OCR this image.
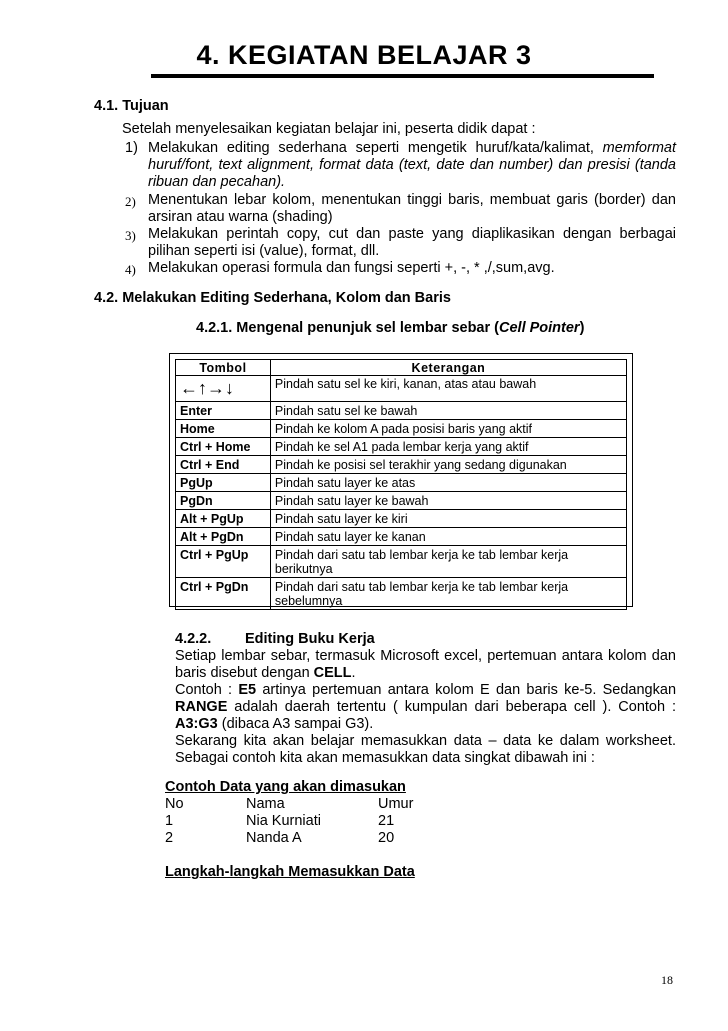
4. KEGIATAN BELAJAR 3
4.1. Tujuan
Setelah menyelesaikan kegiatan belajar ini, peserta didik dapat :
1) Melakukan editing sederhana seperti mengetik huruf/kata/kalimat, memformat
huruf/font, text alignment, format data (text, date dan number) dan presisi (tanda
ribuan dan pecahan).
2) Menentukan lebar kolom, menentukan tinggi baris, membuat garis (border) dan
arsiran atau warna (shading)
3) Melakukan perintah copy, cut dan paste yang diaplikasikan dengan berbagai
pilihan seperti isi (value), format, dll.
4) Melakukan operasi formula dan fungsi seperti +, -, * ,/,sum,avg.
4.2. Melakukan Editing Sederhana, Kolom dan Baris
4.2.1. Mengenal penunjuk sel lembar sebar (Cell Pointer)
Tombol	Keterangan
←↑→↓	Pindah satu sel ke kiri, kanan, atas atau bawah
Enter	Pindah satu sel ke bawah
Home	Pindah ke kolom A pada posisi baris yang aktif
Ctrl + Home	Pindah ke sel A1 pada lembar kerja yang aktif
Ctrl + End	Pindah ke posisi sel terakhir yang sedang digunakan
PgUp	Pindah satu layer ke atas
PgDn	Pindah satu layer ke bawah
Alt + PgUp	Pindah satu layer ke kiri
Alt + PgDn	Pindah satu layer ke kanan
Ctrl + PgUp	Pindah dari satu tab lembar kerja ke tab lembar kerja
berikutnya

Ctrl + PgDn	Pindah dari satu tab lembar kerja ke tab lembar kerja
sebelumnya
4.2.2. Editing Buku Kerja
Setiap lembar sebar, termasuk Microsoft excel, pertemuan antara kolom dan
baris disebut dengan CELL.
Contoh : E5 artinya pertemuan antara kolom E dan baris ke-5. Sedangkan
RANGE adalah daerah tertentu ( kumpulan dari beberapa cell ). Contoh :
A3:G3 (dibaca A3 sampai G3).
Sekarang kita akan belajar memasukkan data – data ke dalam worksheet.
Sebagai contoh kita akan memasukkan data singkat dibawah ini :
Contoh Data yang akan dimasukan
No	Nama	Umur
1	Nia Kurniati	21
2	Nanda A	20
Langkah-langkah Memasukkan Data
18
